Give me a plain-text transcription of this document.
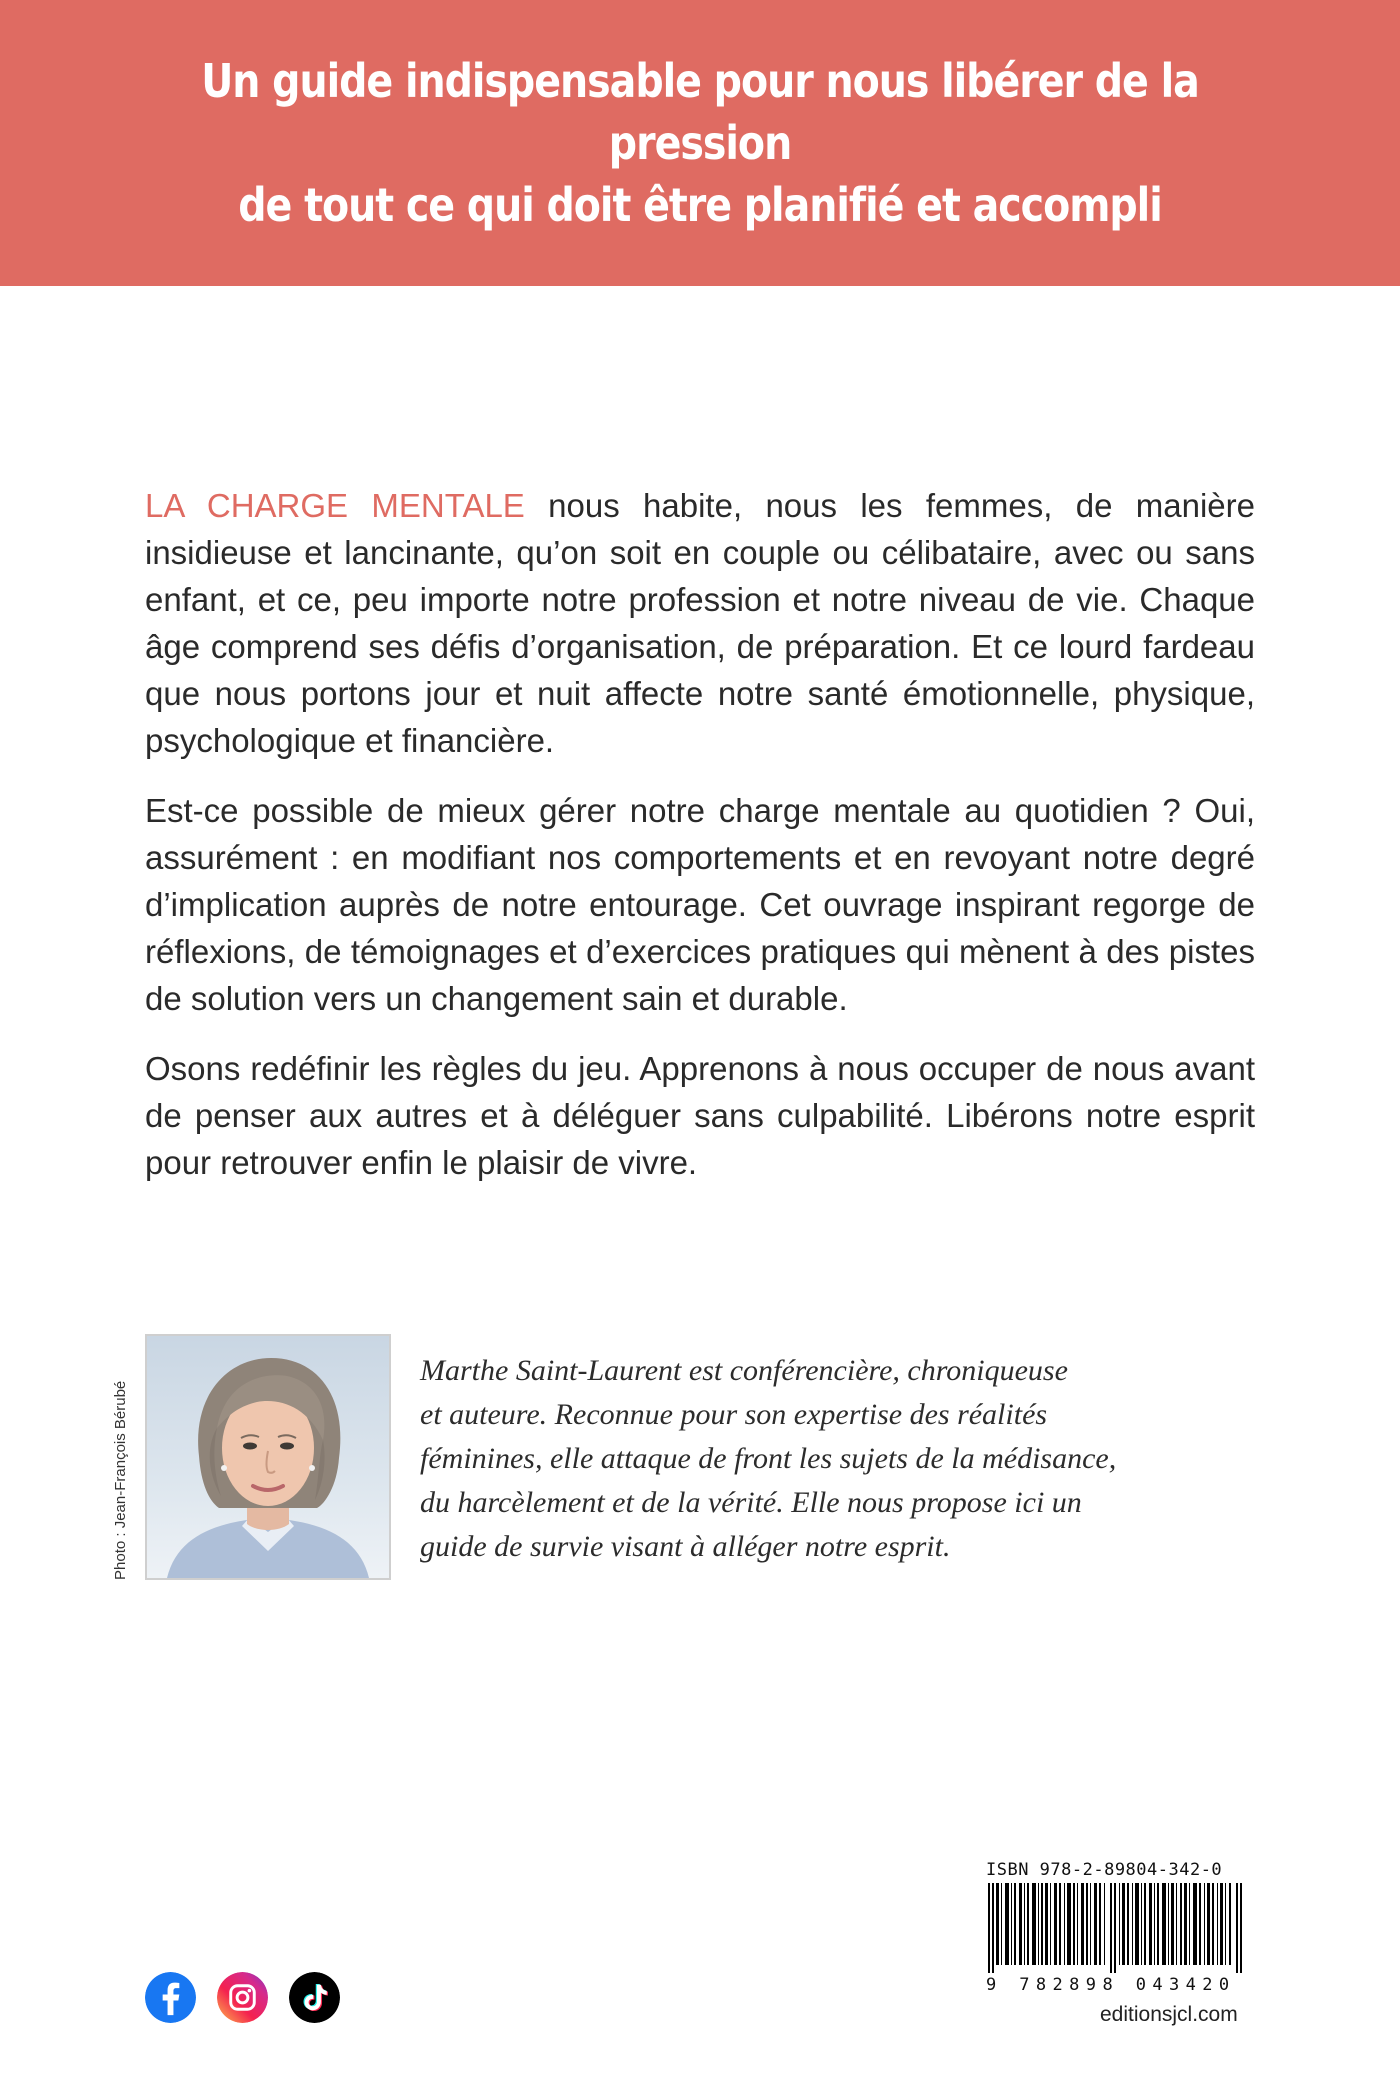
Un guide indispensable pour nous libérer de la pression
de tout ce qui doit être planifié et accompli

LA CHARGE MENTALE nous habite, nous les femmes, de manière insidieuse et lancinante, qu’on soit en couple ou célibataire, avec ou sans enfant, et ce, peu importe notre profession et notre niveau de vie. Chaque âge comprend ses défis d’organisation, de préparation. Et ce lourd fardeau que nous portons jour et nuit affecte notre santé émotionnelle, physique, psychologique et financière.

Est-ce possible de mieux gérer notre charge mentale au quotidien ? Oui, assurément : en modifiant nos comportements et en revoyant notre degré d’implication auprès de notre entourage. Cet ouvrage inspirant regorge de réflexions, de témoignages et d’exercices pratiques qui mènent à des pistes de solution vers un changement sain et durable.

Osons redéfinir les règles du jeu. Apprenons à nous occuper de nous avant de penser aux autres et à déléguer sans culpabilité. Libérons notre esprit pour retrouver enfin le plaisir de vivre.

Photo : Jean-François Bérubé
Marthe Saint-Laurent est conférencière, chroniqueuse
et auteure. Reconnue pour son expertise des réalités
féminines, elle attaque de front les sujets de la médisance,
du harcèlement et de la vérité. Elle nous propose ici un
guide de survie visant à alléger notre esprit.
ISBN 978-2-89804-342-0
9 782898 043420
editionsjcl.com
